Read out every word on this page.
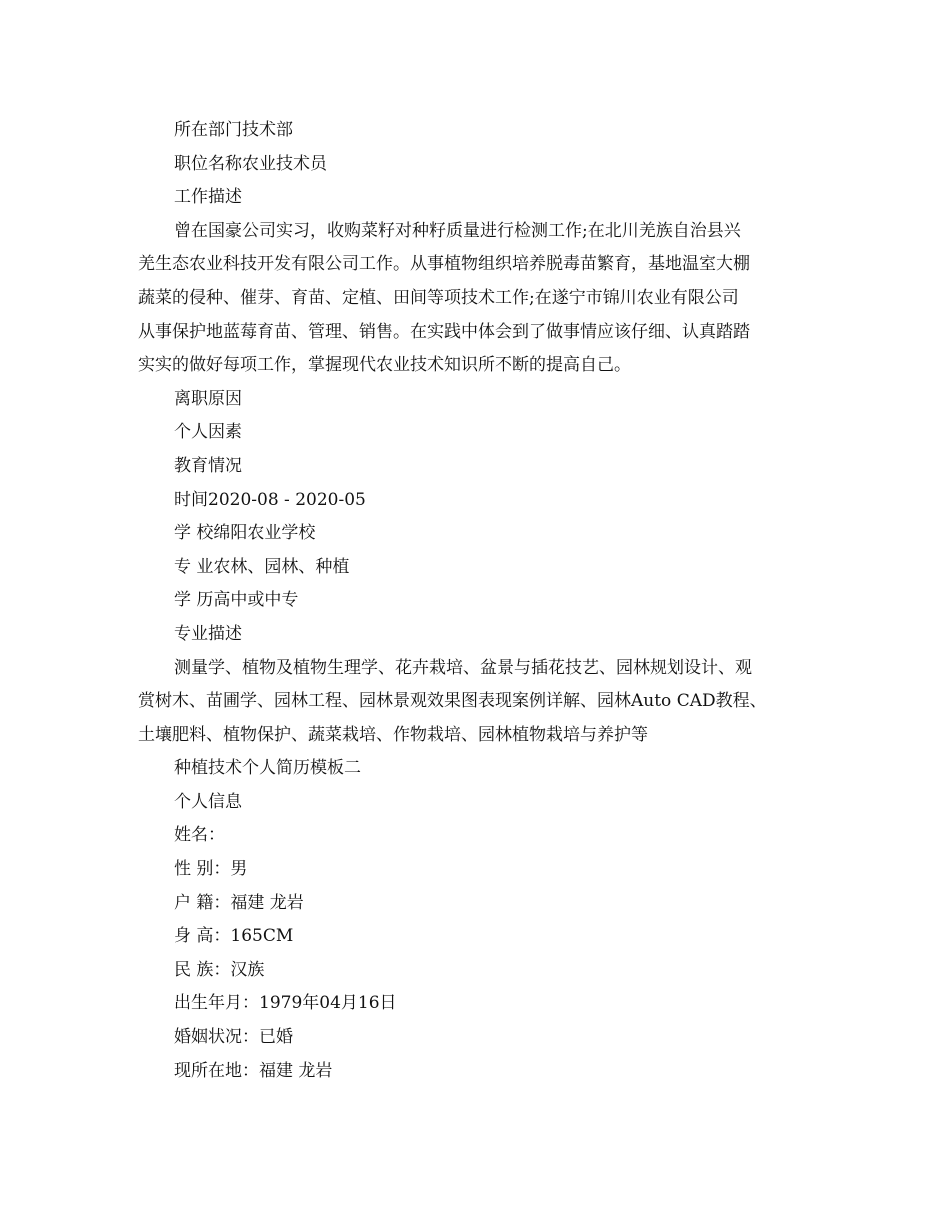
所在部门技术部
职位名称农业技术员
工作描述
曾在国豪公司实习，收购菜籽对种籽质量进行检测工作;在北川羌族自治县兴
羌生态农业科技开发有限公司工作。从事植物组织培养脱毒苗繁育，基地温室大棚
蔬菜的侵种、催芽、育苗、定植、田间等项技术工作;在遂宁市锦川农业有限公司
从事保护地蓝莓育苗、管理、销售。在实践中体会到了做事情应该仔细、认真踏踏
实实的做好每项工作，掌握现代农业技术知识所不断的提高自己。
离职原因
个人因素
教育情况
时间2020-08 - 2020-05
学 校绵阳农业学校
专 业农林、园林、种植
学 历高中或中专
专业描述
测量学、植物及植物生理学、花卉栽培、盆景与插花技艺、园林规划设计、观
赏树木、苗圃学、园林工程、园林景观效果图表现案例详解、园林Auto CAD教程、
土壤肥料、植物保护、蔬菜栽培、作物栽培、园林植物栽培与养护等
种植技术个人简历模板二
个人信息
姓名：
性 别：男
户 籍：福建 龙岩
身 高：165CM
民 族：汉族
出生年月：1979年04月16日
婚姻状况：已婚
现所在地：福建 龙岩
